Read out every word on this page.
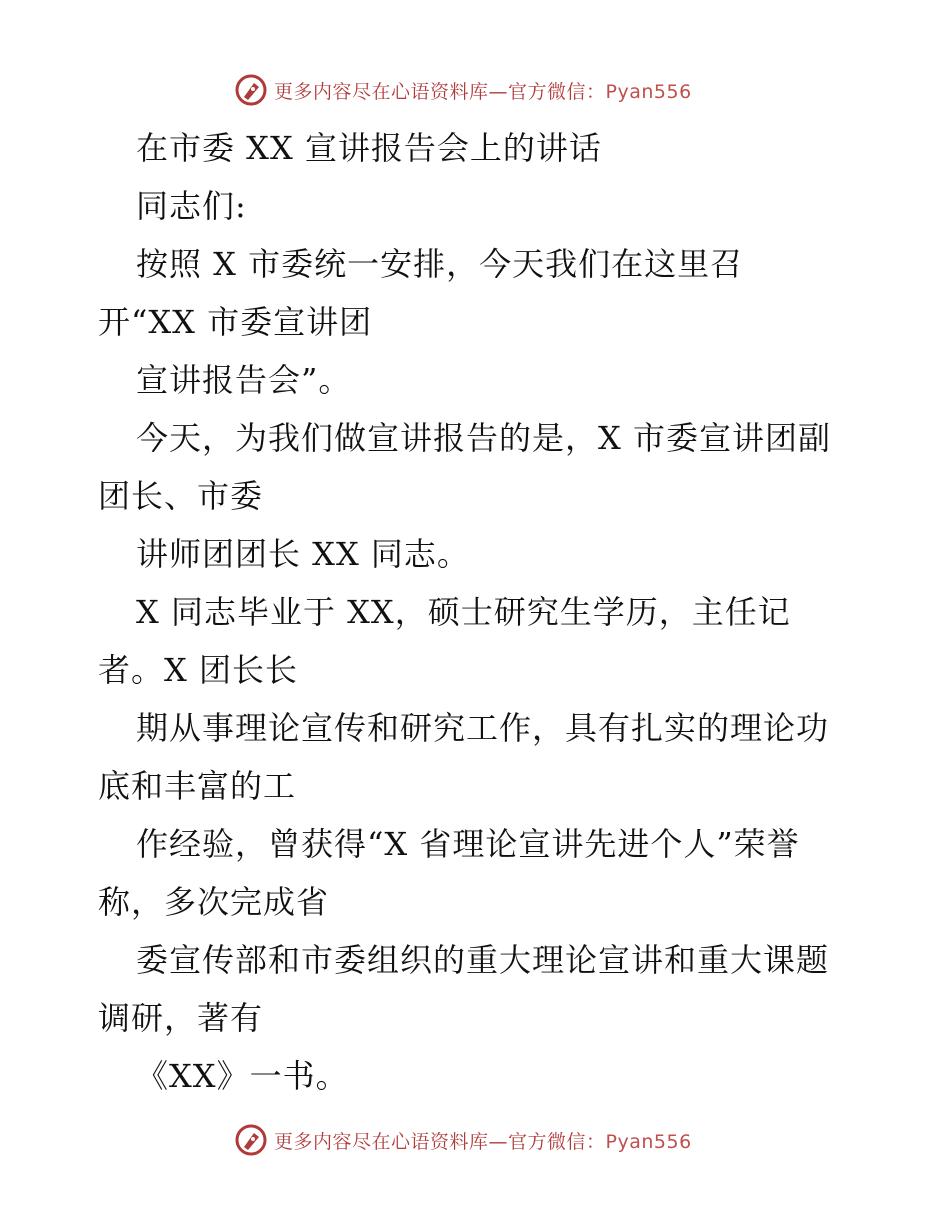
更多内容尽在心语资料库—官方微信：Pyan556
在市委 XX 宣讲报告会上的讲话
同志们:
按照 X 市委统一安排，今天我们在这里召
开“XX 市委宣讲团
宣讲报告会”。
今天，为我们做宣讲报告的是，X 市委宣讲团副
团长、市委
讲师团团长 XX 同志。
X 同志毕业于 XX，硕士研究生学历，主任记
者。X 团长长
期从事理论宣传和研究工作，具有扎实的理论功
底和丰富的工
作经验，曾获得“X 省理论宣讲先进个人”荣誉
称，多次完成省
委宣传部和市委组织的重大理论宣讲和重大课题
调研，著有
《XX》一书。
更多内容尽在心语资料库—官方微信：Pyan556
